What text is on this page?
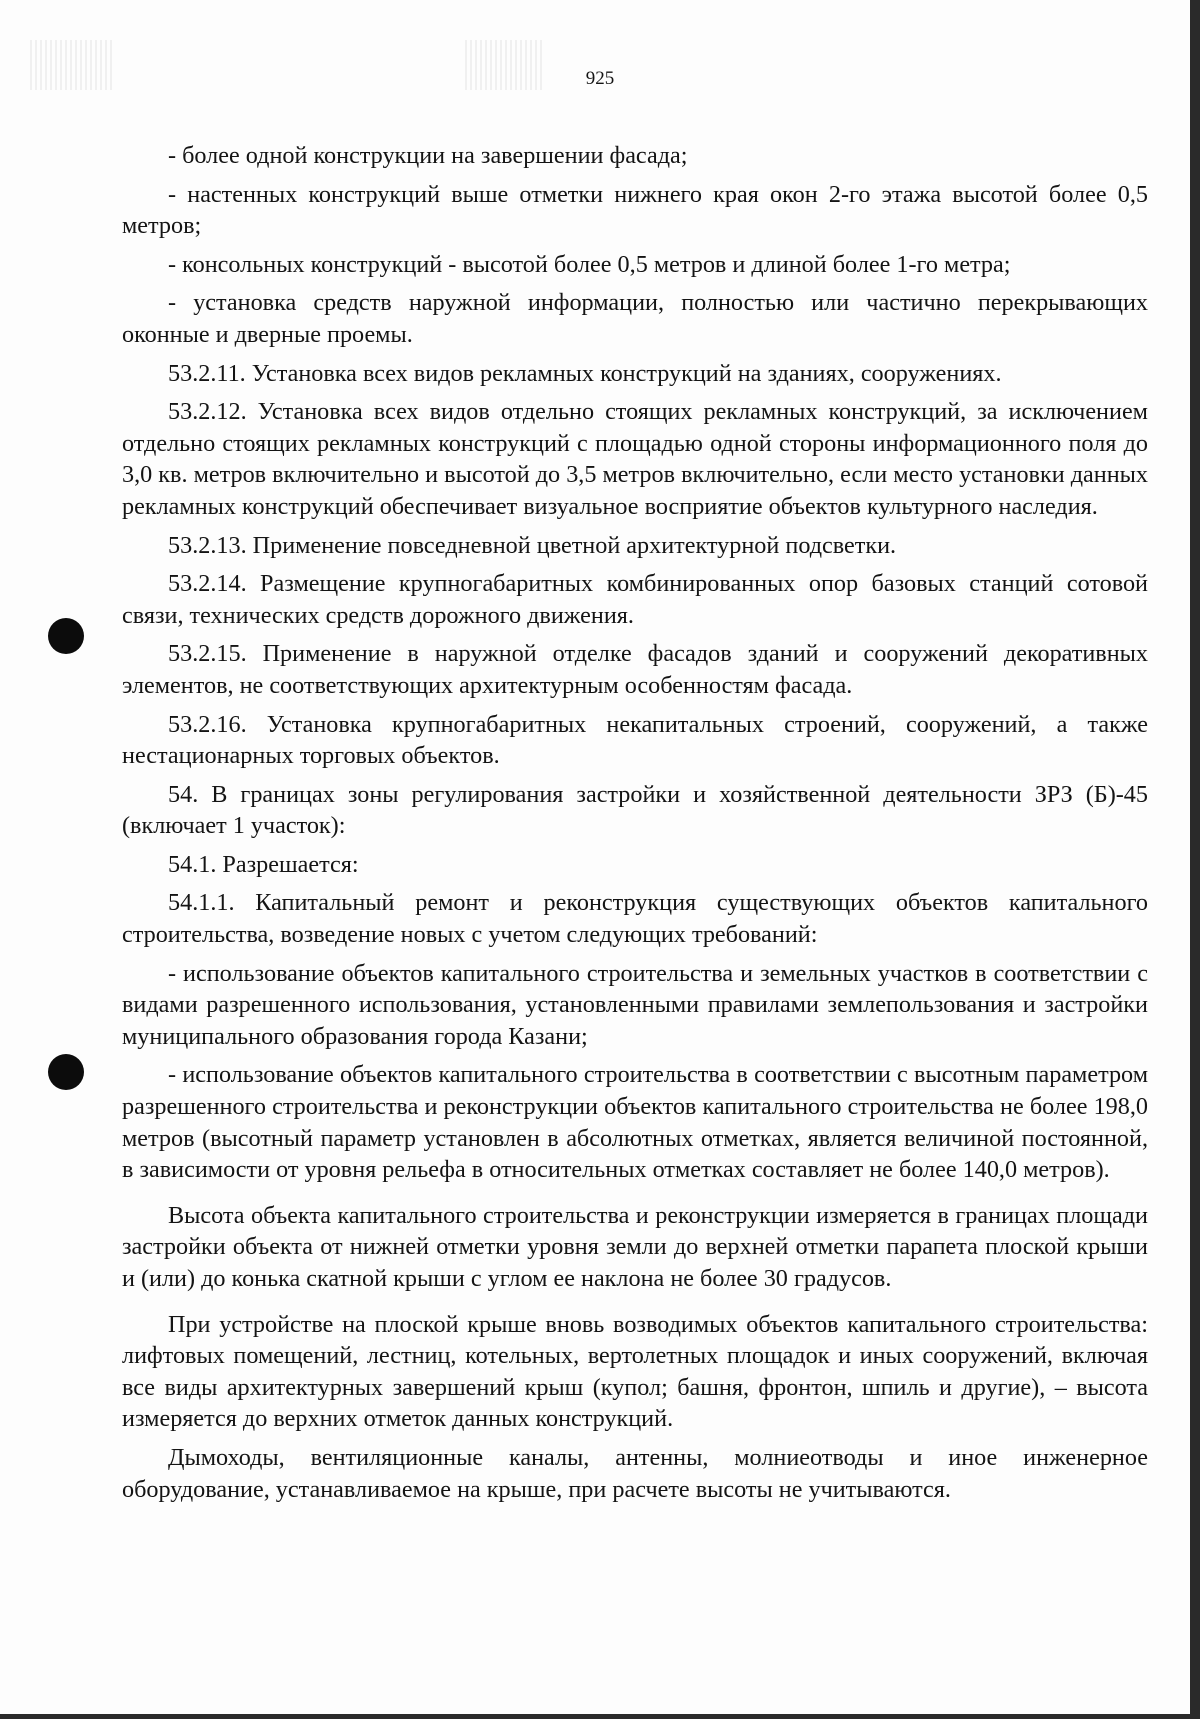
925

- более одной конструкции на завершении фасада;

- настенных конструкций выше отметки нижнего края окон 2-го этажа высотой более 0,5 метров;

- консольных конструкций - высотой более 0,5 метров и длиной более 1-го метра;

- установка средств наружной информации, полностью или частично перекрывающих оконные и дверные проемы.

53.2.11. Установка всех видов рекламных конструкций на зданиях, сооружениях.

53.2.12. Установка всех видов отдельно стоящих рекламных конструкций, за исключением отдельно стоящих рекламных конструкций с площадью одной стороны информационного поля до 3,0 кв. метров включительно и высотой до 3,5 метров включительно, если место установки данных рекламных конструкций обеспечивает визуальное восприятие объектов культурного наследия.

53.2.13. Применение повседневной цветной архитектурной подсветки.

53.2.14. Размещение крупногабаритных комбинированных опор базовых станций сотовой связи, технических средств дорожного движения.

53.2.15. Применение в наружной отделке фасадов зданий и сооружений декоративных элементов, не соответствующих архитектурным особенностям фасада.

53.2.16. Установка крупногабаритных некапитальных строений, сооружений, а также нестационарных торговых объектов.

54. В границах зоны регулирования застройки и хозяйственной деятельности ЗРЗ (Б)-45 (включает 1 участок):

54.1. Разрешается:

54.1.1. Капитальный ремонт и реконструкция существующих объектов капитального строительства, возведение новых с учетом следующих требований:

- использование объектов капитального строительства и земельных участков в соответствии с видами разрешенного использования, установленными правилами землепользования и застройки муниципального образования города Казани;

- использование объектов капитального строительства в соответствии с высотным параметром разрешенного строительства и реконструкции объектов капитального строительства не более 198,0 метров (высотный параметр установлен в абсолютных отметках, является величиной постоянной, в зависимости от уровня рельефа в относительных отметках составляет не более 140,0 метров).

Высота объекта капитального строительства и реконструкции измеряется в границах площади застройки объекта от нижней отметки уровня земли до верхней отметки парапета плоской крыши и (или) до конька скатной крыши с углом ее наклона не более 30 градусов.

При устройстве на плоской крыше вновь возводимых объектов капитального строительства: лифтовых помещений, лестниц, котельных, вертолетных площадок и иных сооружений, включая все виды архитектурных завершений крыш (купол; башня, фронтон, шпиль и другие), – высота измеряется до верхних отметок данных конструкций.

Дымоходы, вентиляционные каналы, антенны, молниеотводы и иное инженерное оборудование, устанавливаемое на крыше, при расчете высоты не учитываются.
